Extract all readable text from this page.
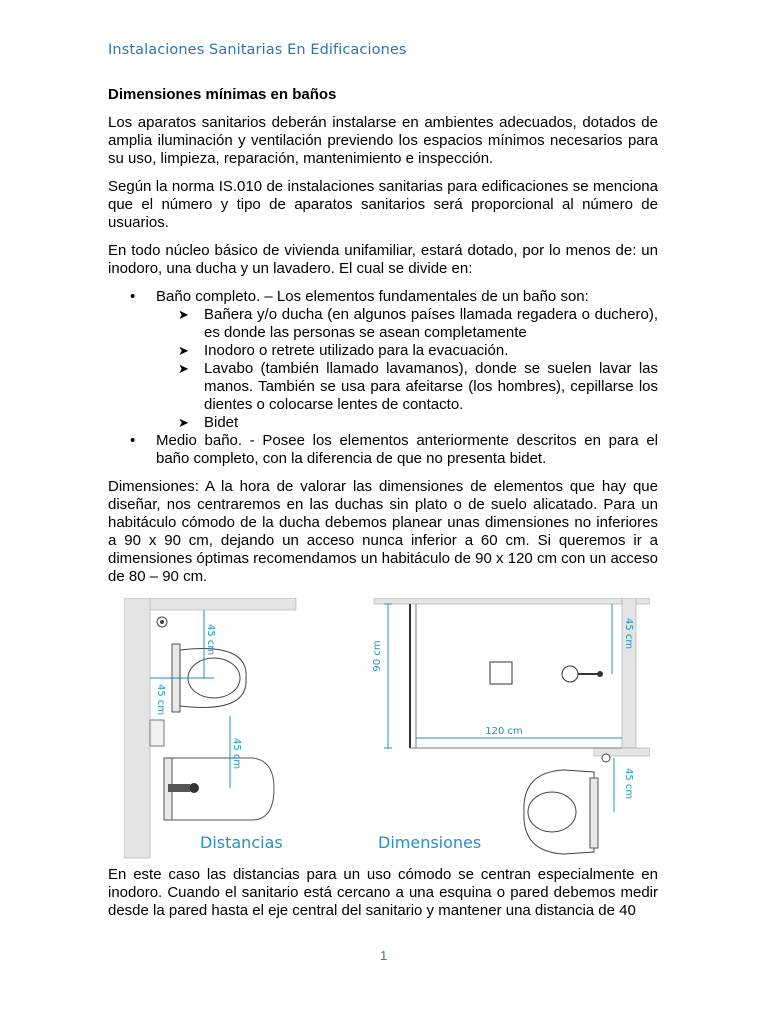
Instalaciones Sanitarias En Edificaciones
Dimensiones mínimas en baños

Los aparatos sanitarios deberán instalarse en ambientes adecuados, dotados de amplia iluminación y ventilación previendo los espacios mínimos necesarios para su uso, limpieza, reparación, mantenimiento e inspección.

Según la norma IS.010 de instalaciones sanitarias para edificaciones se menciona que el número y tipo de aparatos sanitarios será proporcional al número de usuarios.

En todo núcleo básico de vivienda unifamiliar, estará dotado, por lo menos de: un inodoro, una ducha y un lavadero. El cual se divide en:

• Baño completo. – Los elementos fundamentales de un baño son:
➤ Bañera y/o ducha (en algunos países llamada regadera o duchero), es donde las personas se asean completamente
➤ Inodoro o retrete utilizado para la evacuación.
➤ Lavabo (también llamado lavamanos), donde se suelen lavar las manos. También se usa para afeitarse (los hombres), cepillarse los dientes o colocarse lentes de contacto.
➤ Bidet
• Medio baño. - Posee los elementos anteriormente descritos en para el baño completo, con la diferencia de que no presenta bidet.

Dimensiones: A la hora de valorar las dimensiones de elementos que hay que diseñar, nos centraremos en las duchas sin plato o de suelo alicatado. Para un habitáculo cómodo de la ducha debemos planear unas dimensiones no inferiores a 90 x 90 cm, dejando un acceso nunca inferior a 60 cm. Si queremos ir a dimensiones óptimas recomendamos un habitáculo de 90 x 120 cm con un acceso de 80 – 90 cm.

45 cm
45 cm
45 cm
90 cm
120 cm
45 cm
45 cm
Distancias	Dimensiones

En este caso las distancias para un uso cómodo se centran especialmente en inodoro. Cuando el sanitario está cercano a una esquina o pared debemos medir desde la pared hasta el eje central del sanitario y mantener una distancia de 40

1
